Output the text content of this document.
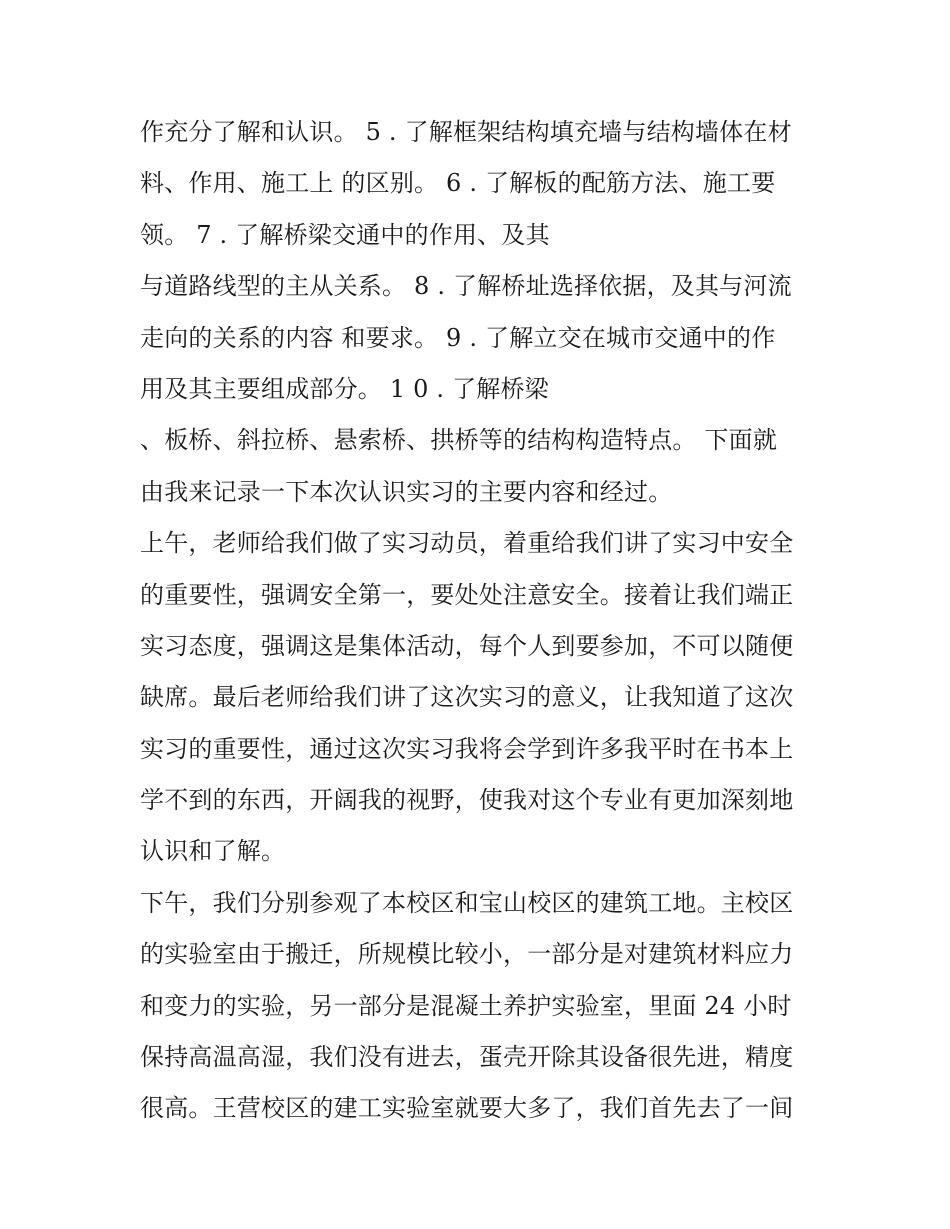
作充分了解和认识。 5 . 了解框架结构填充墙与结构墙体在材
料、作用、施工上 的区别。 6 . 了解板的配筋方法、施工要
领。 7 . 了解桥梁交通中的作用、及其
与道路线型的主从关系。 8 . 了解桥址选择依据，及其与河流
走向的关系的内容 和要求。 9 . 了解立交在城市交通中的作
用及其主要组成部分。 1 0 . 了解桥梁
、板桥、斜拉桥、悬索桥、拱桥等的结构构造特点。 下面就
由我来记录一下本次认识实习的主要内容和经过。
上午，老师给我们做了实习动员，着重给我们讲了实习中安全
的重要性，强调安全第一，要处处注意安全。接着让我们端正
实习态度，强调这是集体活动，每个人到要参加，不可以随便
缺席。最后老师给我们讲了这次实习的意义，让我知道了这次
实习的重要性，通过这次实习我将会学到许多我平时在书本上
学不到的东西，开阔我的视野，使我对这个专业有更加深刻地
认识和了解。
下午，我们分别参观了本校区和宝山校区的建筑工地。主校区
的实验室由于搬迁，所规模比较小，一部分是对建筑材料应力
和变力的实验，另一部分是混凝土养护实验室，里面 24 小时
保持高温高湿，我们没有进去，蛋壳开除其设备很先进，精度
很高。王营校区的建工实验室就要大多了，我们首先去了一间
